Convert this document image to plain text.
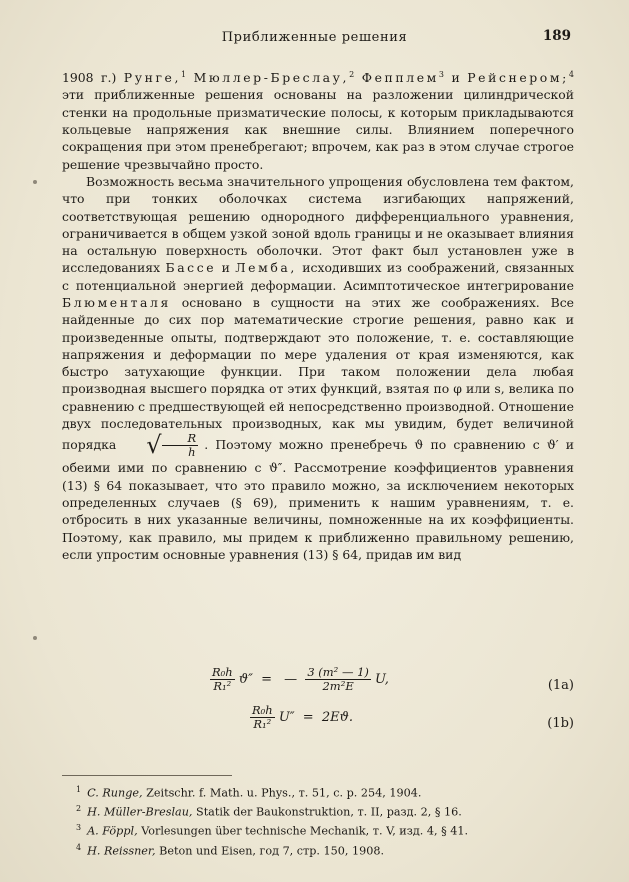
Приближенные решения	189

1908 г.) Рунге,$^1$ Мюллер-Бреслау,$^2$ Фепплем$^3$ и Рейснером;$^4$ эти приближенные решения основаны на разложении цилиндрической стенки на продольные призматические полосы, к которым прикладываются кольцевые напряжения как внешние силы. Влиянием поперечного сокращения при этом пренебрегают; впрочем, как раз в этом случае строгое решение чрезвычайно просто.

Возможность весьма значительного упрощения обусловлена тем фактом, что при тонких оболочках система изгибающих напряжений, соответствующая решению однородного дифференциального уравнения, ограничивается в общем узкой зоной вдоль границы и не оказывает влияния на остальную поверхность оболочки. Этот факт был установлен уже в исследованиях Бассе и Лемба, исходивших из соображений, связанных с потенциальной энергией деформации. Асимптотическое интегрирование Блюменталя основано в сущности на этих же соображениях. Все найденные до сих пор математические строгие решения, равно как и произведенные опыты, подтверждают это положение, т. е. составляющие напряжения и деформации по мере удаления от края изменяются, как быстро затухающие функции. При таком положении дела любая производная высшего порядка от этих функций, взятая по φ или s, велика по сравнению с предшествующей ей непосредственно производной. Отношение двух последовательных производных, как мы увидим, будет величиной порядка √ $\frac{R}{h}$ . Поэтому можно пренебречь ϑ по сравнению с ϑ′ и обеими ими по сравнению с ϑ″. Рассмотрение коэффициентов уравнения (13) § 64 показывает, что это правило можно, за исключением некоторых определенных случаев (§ 69), применить к нашим уравнениям, т. е. отбросить в них указанные величины, помноженные на их коэффициенты. Поэтому, как правило, мы придем к приближенно правильному решению, если упростим основные уравнения (13) § 64, придав им вид

$\frac{\text{R₀h}}{\text{R₁²}} ϑ''$ = — $\frac{\text{3 (m² — 1)}}{\text{2m²E}} U$,	(1a)
$\frac{\text{R₀h}}{\text{R₁²}} U'' = 2Eϑ$.	(1b)

$^1$ C. Runge, Zeitschr. f. Math. u. Phys., т. 51, с. р. 254, 1904.

$^2$ H. Müller-Breslau, Statik der Baukonstruktion, т. II, разд. 2, § 16.

$^3$ A. Föppl, Vorlesungen über technische Mechanik, т. V, изд. 4, § 41.

$^4$ H. Reissner, Beton und Eisen, год 7, стр. 150, 1908.
